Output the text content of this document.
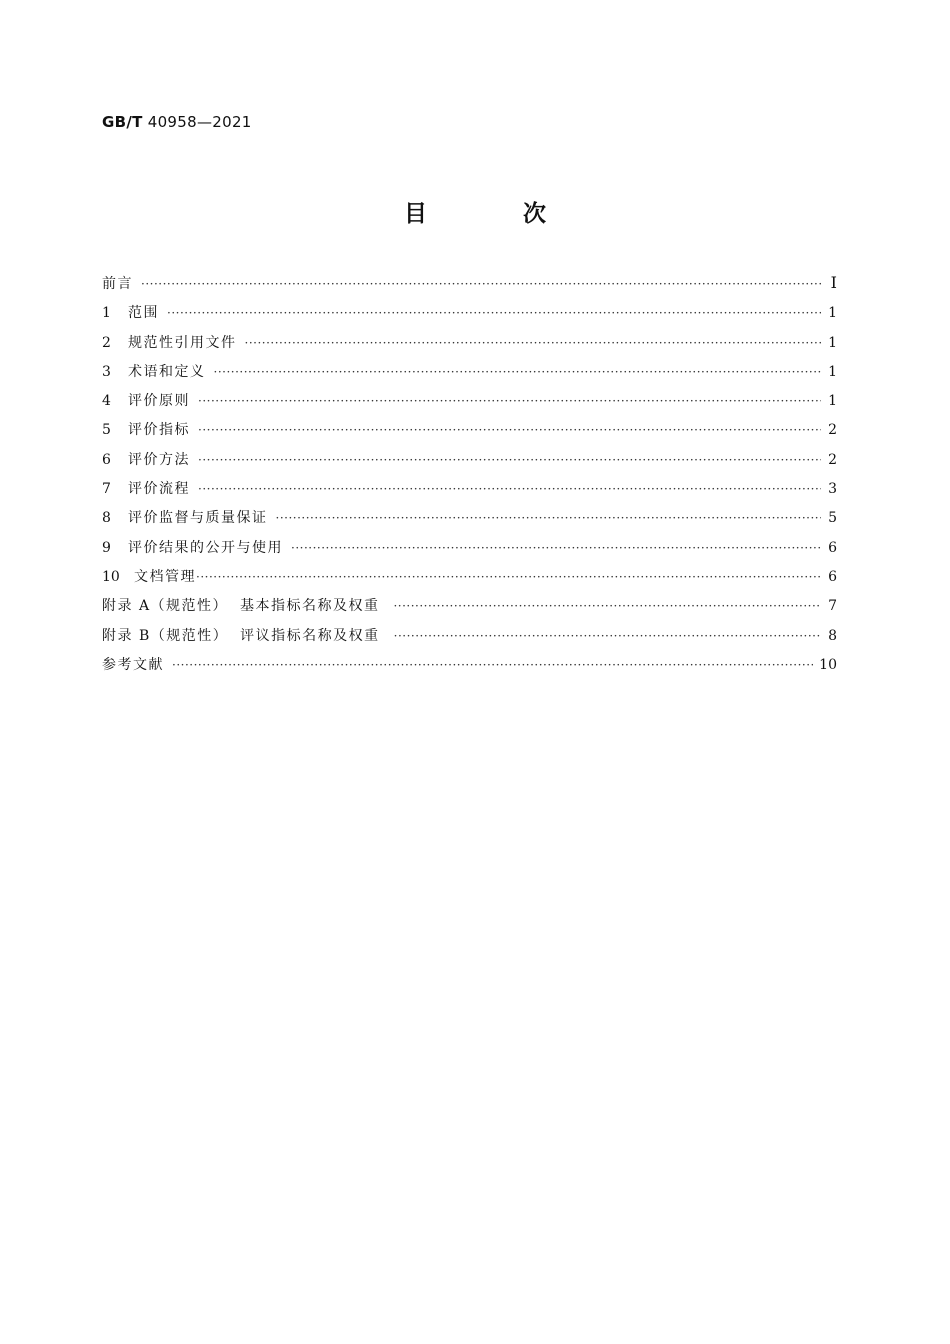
GB/T 40958—2021
目 次
前言 ·····	I
1	范围 ·····	1
2	规范性引用文件 ·····	1
3	术语和定义 ·····	1
4	评价原则 ·····	1
5	评价指标 ·····	2
6	评价方法 ·····	2
7	评价流程 ·····	3
8	评价监督与质量保证 ·····	5
9	评价结果的公开与使用 ·····	6
10	文档管理 ·····	6
附录 A（规范性）  基本指标名称及权重 ·····	7
附录 B（规范性）  评议指标名称及权重 ·····	8
参考文献 ·····	10
